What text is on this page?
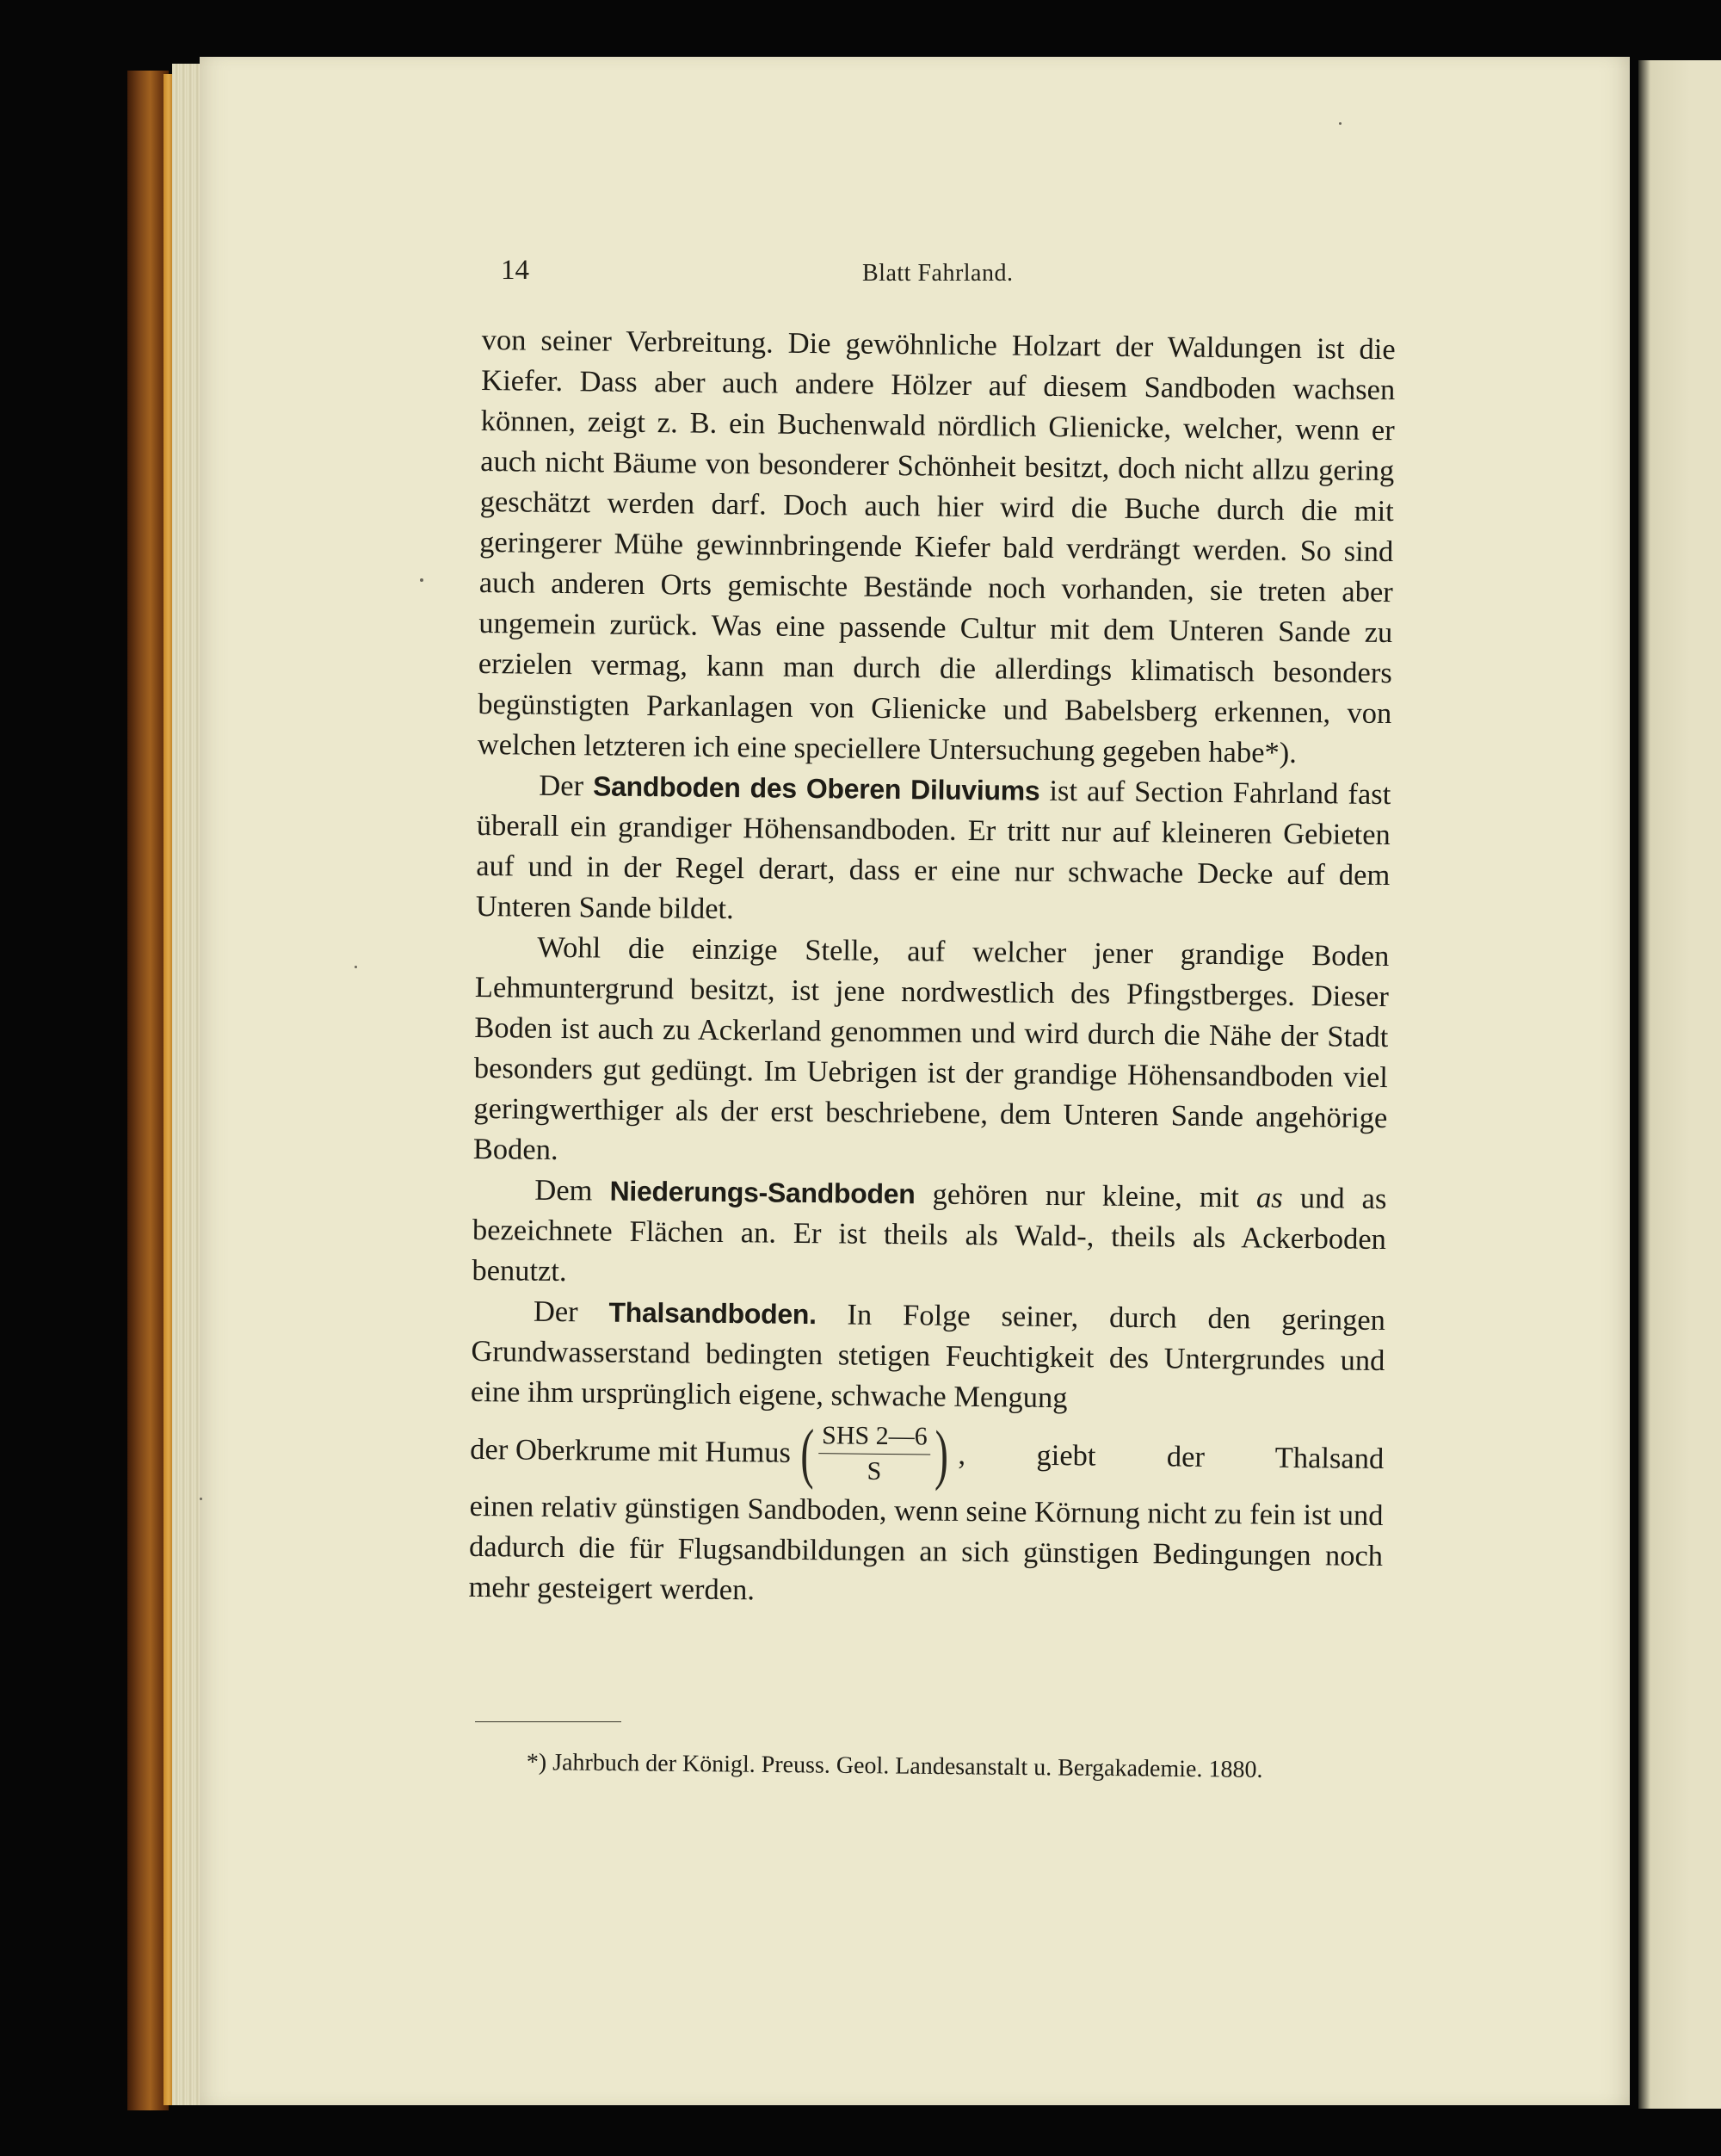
14	Blatt Fahrland.

von seiner Verbreitung. Die gewöhnliche Holzart der Waldungen ist die Kiefer. Dass aber auch andere Hölzer auf diesem Sandboden wachsen können, zeigt z. B. ein Buchenwald nördlich Glienicke, welcher, wenn er auch nicht Bäume von besonderer Schönheit besitzt, doch nicht allzu gering geschätzt werden darf. Doch auch hier wird die Buche durch die mit geringerer Mühe gewinnbringende Kiefer bald verdrängt werden. So sind auch anderen Orts gemischte Bestände noch vorhanden, sie treten aber ungemein zurück. Was eine passende Cultur mit dem Unteren Sande zu erzielen vermag, kann man durch die allerdings klimatisch besonders begünstigten Parkanlagen von Glienicke und Babelsberg erkennen, von welchen letzteren ich eine speciellere Untersuchung gegeben habe*).

Der Sandboden des Oberen Diluviums ist auf Section Fahrland fast überall ein grandiger Höhensandboden. Er tritt nur auf kleineren Gebieten auf und in der Regel derart, dass er eine nur schwache Decke auf dem Unteren Sande bildet.

Wohl die einzige Stelle, auf welcher jener grandige Boden Lehmuntergrund besitzt, ist jene nordwestlich des Pfingstberges. Dieser Boden ist auch zu Ackerland genommen und wird durch die Nähe der Stadt besonders gut gedüngt. Im Uebrigen ist der grandige Höhensandboden viel geringwerthiger als der erst beschriebene, dem Unteren Sande angehörige Boden.

Dem Niederungs-Sandboden gehören nur kleine, mit as und as bezeichnete Flächen an. Er ist theils als Wald-, theils als Ackerboden benutzt.

Der Thalsandboden. In Folge seiner, durch den geringen Grundwasserstand bedingten stetigen Feuchtigkeit des Untergrundes und eine ihm ursprünglich eigene, schwache Mengung

der Oberkrume mit Humus ( $\frac{\text{SHS 2—6}}{S}$ ) , giebt der Thalsand

einen relativ günstigen Sandboden, wenn seine Körnung nicht zu fein ist und dadurch die für Flugsandbildungen an sich günstigen Bedingungen noch mehr gesteigert werden.

*) Jahrbuch der Königl. Preuss. Geol. Landesanstalt u. Bergakademie. 1880.
